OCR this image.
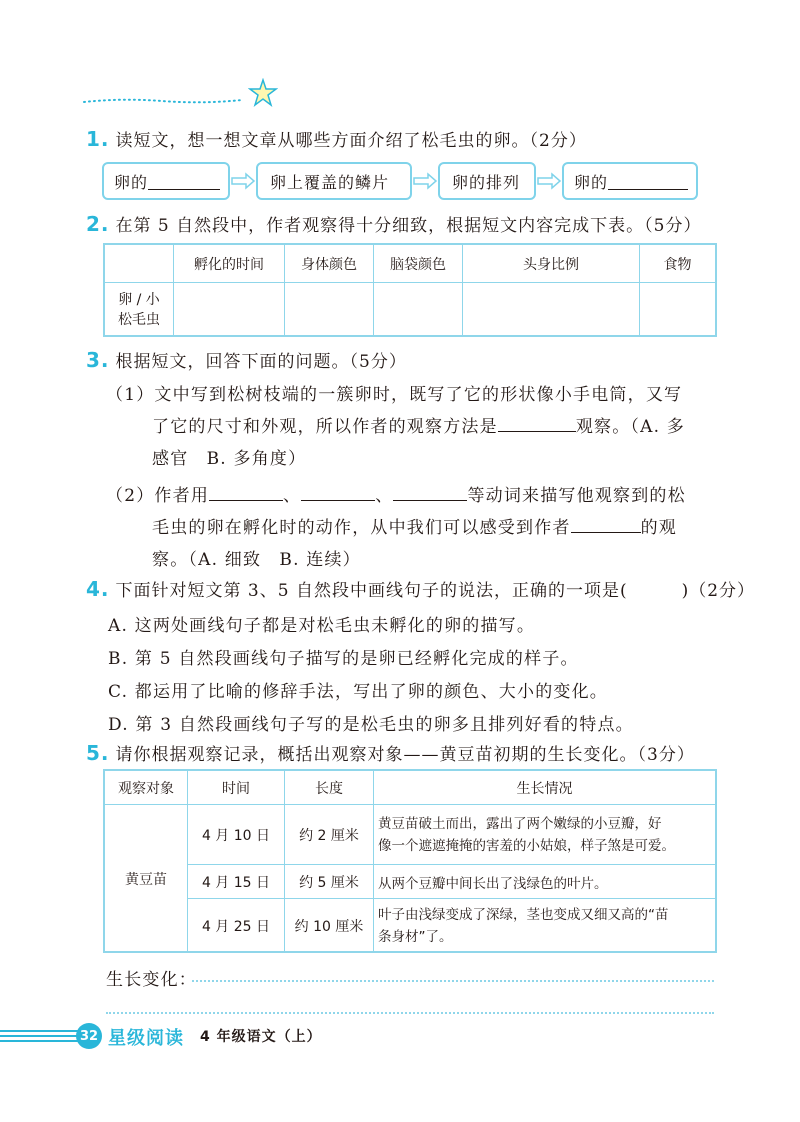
1. 读短文，想一想文章从哪些方面介绍了松毛虫的卵。（2分）
卵的	卵上覆盖的鳞片	卵的排列	卵的
2. 在第 5 自然段中，作者观察得十分细致，根据短文内容完成下表。（5分）
	孵化的时间	身体颜色	脑袋颜色	头身比例	食物
卵 / 小
松毛虫					
3. 根据短文，回答下面的问题。（5分）
（1）文中写到松树枝端的一簇卵时，既写了它的形状像小手电筒，又写
了它的尺寸和外观，所以作者的观察方法是	观察。（A. 多
感官　B. 多角度）
（2）作者用	、	、	等动词来描写他观察到的松
毛虫的卵在孵化时的动作，从中我们可以感受到作者	的观
察。（A. 细致　B. 连续）
4. 下面针对短文第 3、5 自然段中画线句子的说法，正确的一项是(　　　)（2分）
A. 这两处画线句子都是对松毛虫未孵化的卵的描写。
B. 第 5 自然段画线句子描写的是卵已经孵化完成的样子。
C. 都运用了比喻的修辞手法，写出了卵的颜色、大小的变化。
D. 第 3 自然段画线句子写的是松毛虫的卵多且排列好看的特点。
5. 请你根据观察记录，概括出观察对象——黄豆苗初期的生长变化。（3分）
观察对象	时间	长度	生长情况
黄豆苗	4 月 10 日	约 2 厘米	黄豆苗破土而出，露出了两个嫩绿的小豆瓣，好
像一个遮遮掩掩的害羞的小姑娘，样子煞是可爱。
	4 月 15 日	约 5 厘米	从两个豆瓣中间长出了浅绿色的叶片。
	4 月 25 日	约 10 厘米	叶子由浅绿变成了深绿，茎也变成又细又高的“苗
条身材”了。
生长变化：
32 星级阅读 4 年级语文（上）
